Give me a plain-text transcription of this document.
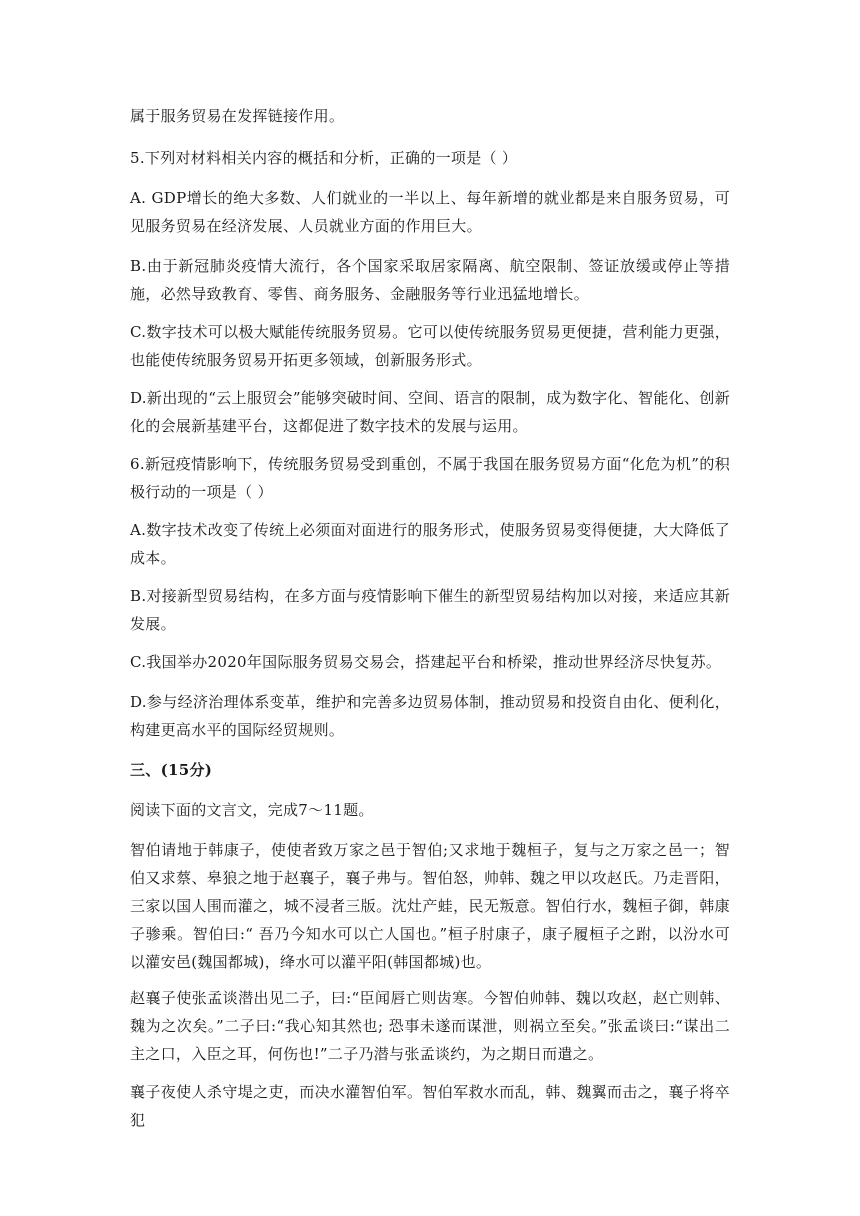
属于服务贸易在发挥链接作用。
5.下列对材料相关内容的概括和分析，正确的一项是（ ）
A. GDP增长的绝大多数、人们就业的一半以上、每年新增的就业都是来自服务贸易，可见服务贸易在经济发展、人员就业方面的作用巨大。
B.由于新冠肺炎疫情大流行，各个国家采取居家隔离、航空限制、签证放缓或停止等措施，必然导致教育、零售、商务服务、金融服务等行业迅猛地增长。
C.数字技术可以极大赋能传统服务贸易。它可以使传统服务贸易更便捷，营利能力更强，也能使传统服务贸易开拓更多领域，创新服务形式。
D.新出现的“云上服贸会”能够突破时间、空间、语言的限制，成为数字化、智能化、创新化的会展新基建平台，这都促进了数字技术的发展与运用。
6.新冠疫情影响下，传统服务贸易受到重创，不属于我国在服务贸易方面“化危为机”的积极行动的一项是（ ）
A.数字技术改变了传统上必须面对面进行的服务形式，使服务贸易变得便捷，大大降低了成本。
B.对接新型贸易结构，在多方面与疫情影响下催生的新型贸易结构加以对接，来适应其新发展。
C.我国举办2020年国际服务贸易交易会，搭建起平台和桥梁，推动世界经济尽快复苏。
D.参与经济治理体系变革，维护和完善多边贸易体制，推动贸易和投资自由化、便利化，构建更高水平的国际经贸规则。
三、(15分)
阅读下面的文言文，完成7～11题。
智伯请地于韩康子，使使者致万家之邑于智伯;又求地于魏桓子，复与之万家之邑一；智伯又求蔡、皋狼之地于赵襄子，襄子弗与。智伯怒，帅韩、魏之甲以攻赵氏。乃走晋阳，三家以国人围而灌之，城不浸者三版。沈灶产蛙，民无叛意。智伯行水，魏桓子御，韩康子骖乘。智伯曰:“ 吾乃今知水可以亡人国也。”桓子肘康子，康子履桓子之跗，以汾水可以灌安邑(魏国都城)，绛水可以灌平阳(韩国都城)也。
赵襄子使张孟谈潜出见二子，曰:“臣闻唇亡则齿寒。今智伯帅韩、魏以攻赵，赵亡则韩、魏为之次矣。”二子曰:“我心知其然也; 恐事未遂而谋泄，则祸立至矣。”张孟谈曰:“谋出二主之口，入臣之耳，何伤也!”二子乃潜与张孟谈约，为之期日而遣之。
襄子夜使人杀守堤之吏，而决水灌智伯军。智伯军救水而乱，韩、魏翼而击之，襄子将卒犯
